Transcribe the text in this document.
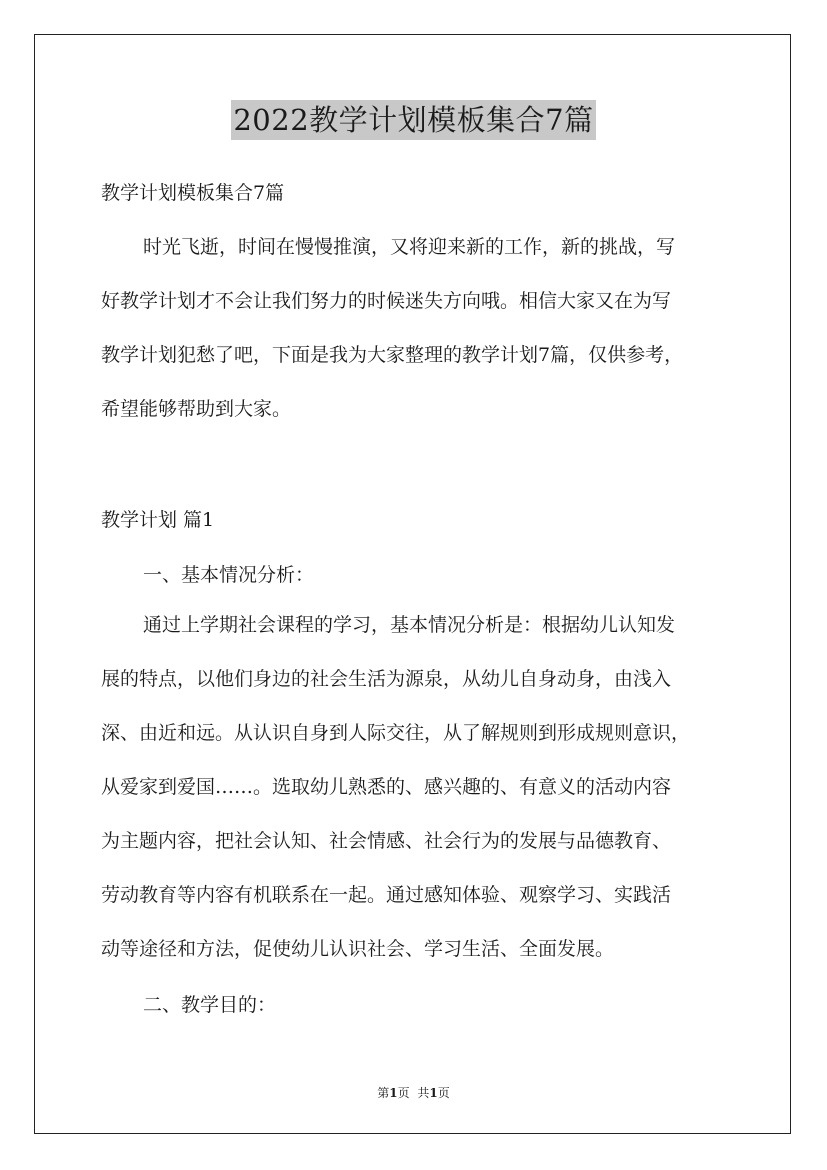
2022教学计划模板集合7篇
教学计划模板集合7篇
时光飞逝，时间在慢慢推演，又将迎来新的工作，新的挑战，写
好教学计划才不会让我们努力的时候迷失方向哦。相信大家又在为写
教学计划犯愁了吧，下面是我为大家整理的教学计划7篇，仅供参考，
希望能够帮助到大家。
教学计划 篇1
一、基本情况分析：
通过上学期社会课程的学习，基本情况分析是：根据幼儿认知发
展的特点，以他们身边的社会生活为源泉，从幼儿自身动身，由浅入
深、由近和远。从认识自身到人际交往，从了解规则到形成规则意识，
从爱家到爱国……。选取幼儿熟悉的、感兴趣的、有意义的活动内容
为主题内容，把社会认知、社会情感、社会行为的发展与品德教育、
劳动教育等内容有机联系在一起。通过感知体验、观察学习、实践活
动等途径和方法，促使幼儿认识社会、学习生活、全面发展。
二、教学目的：
第1页 共1页
